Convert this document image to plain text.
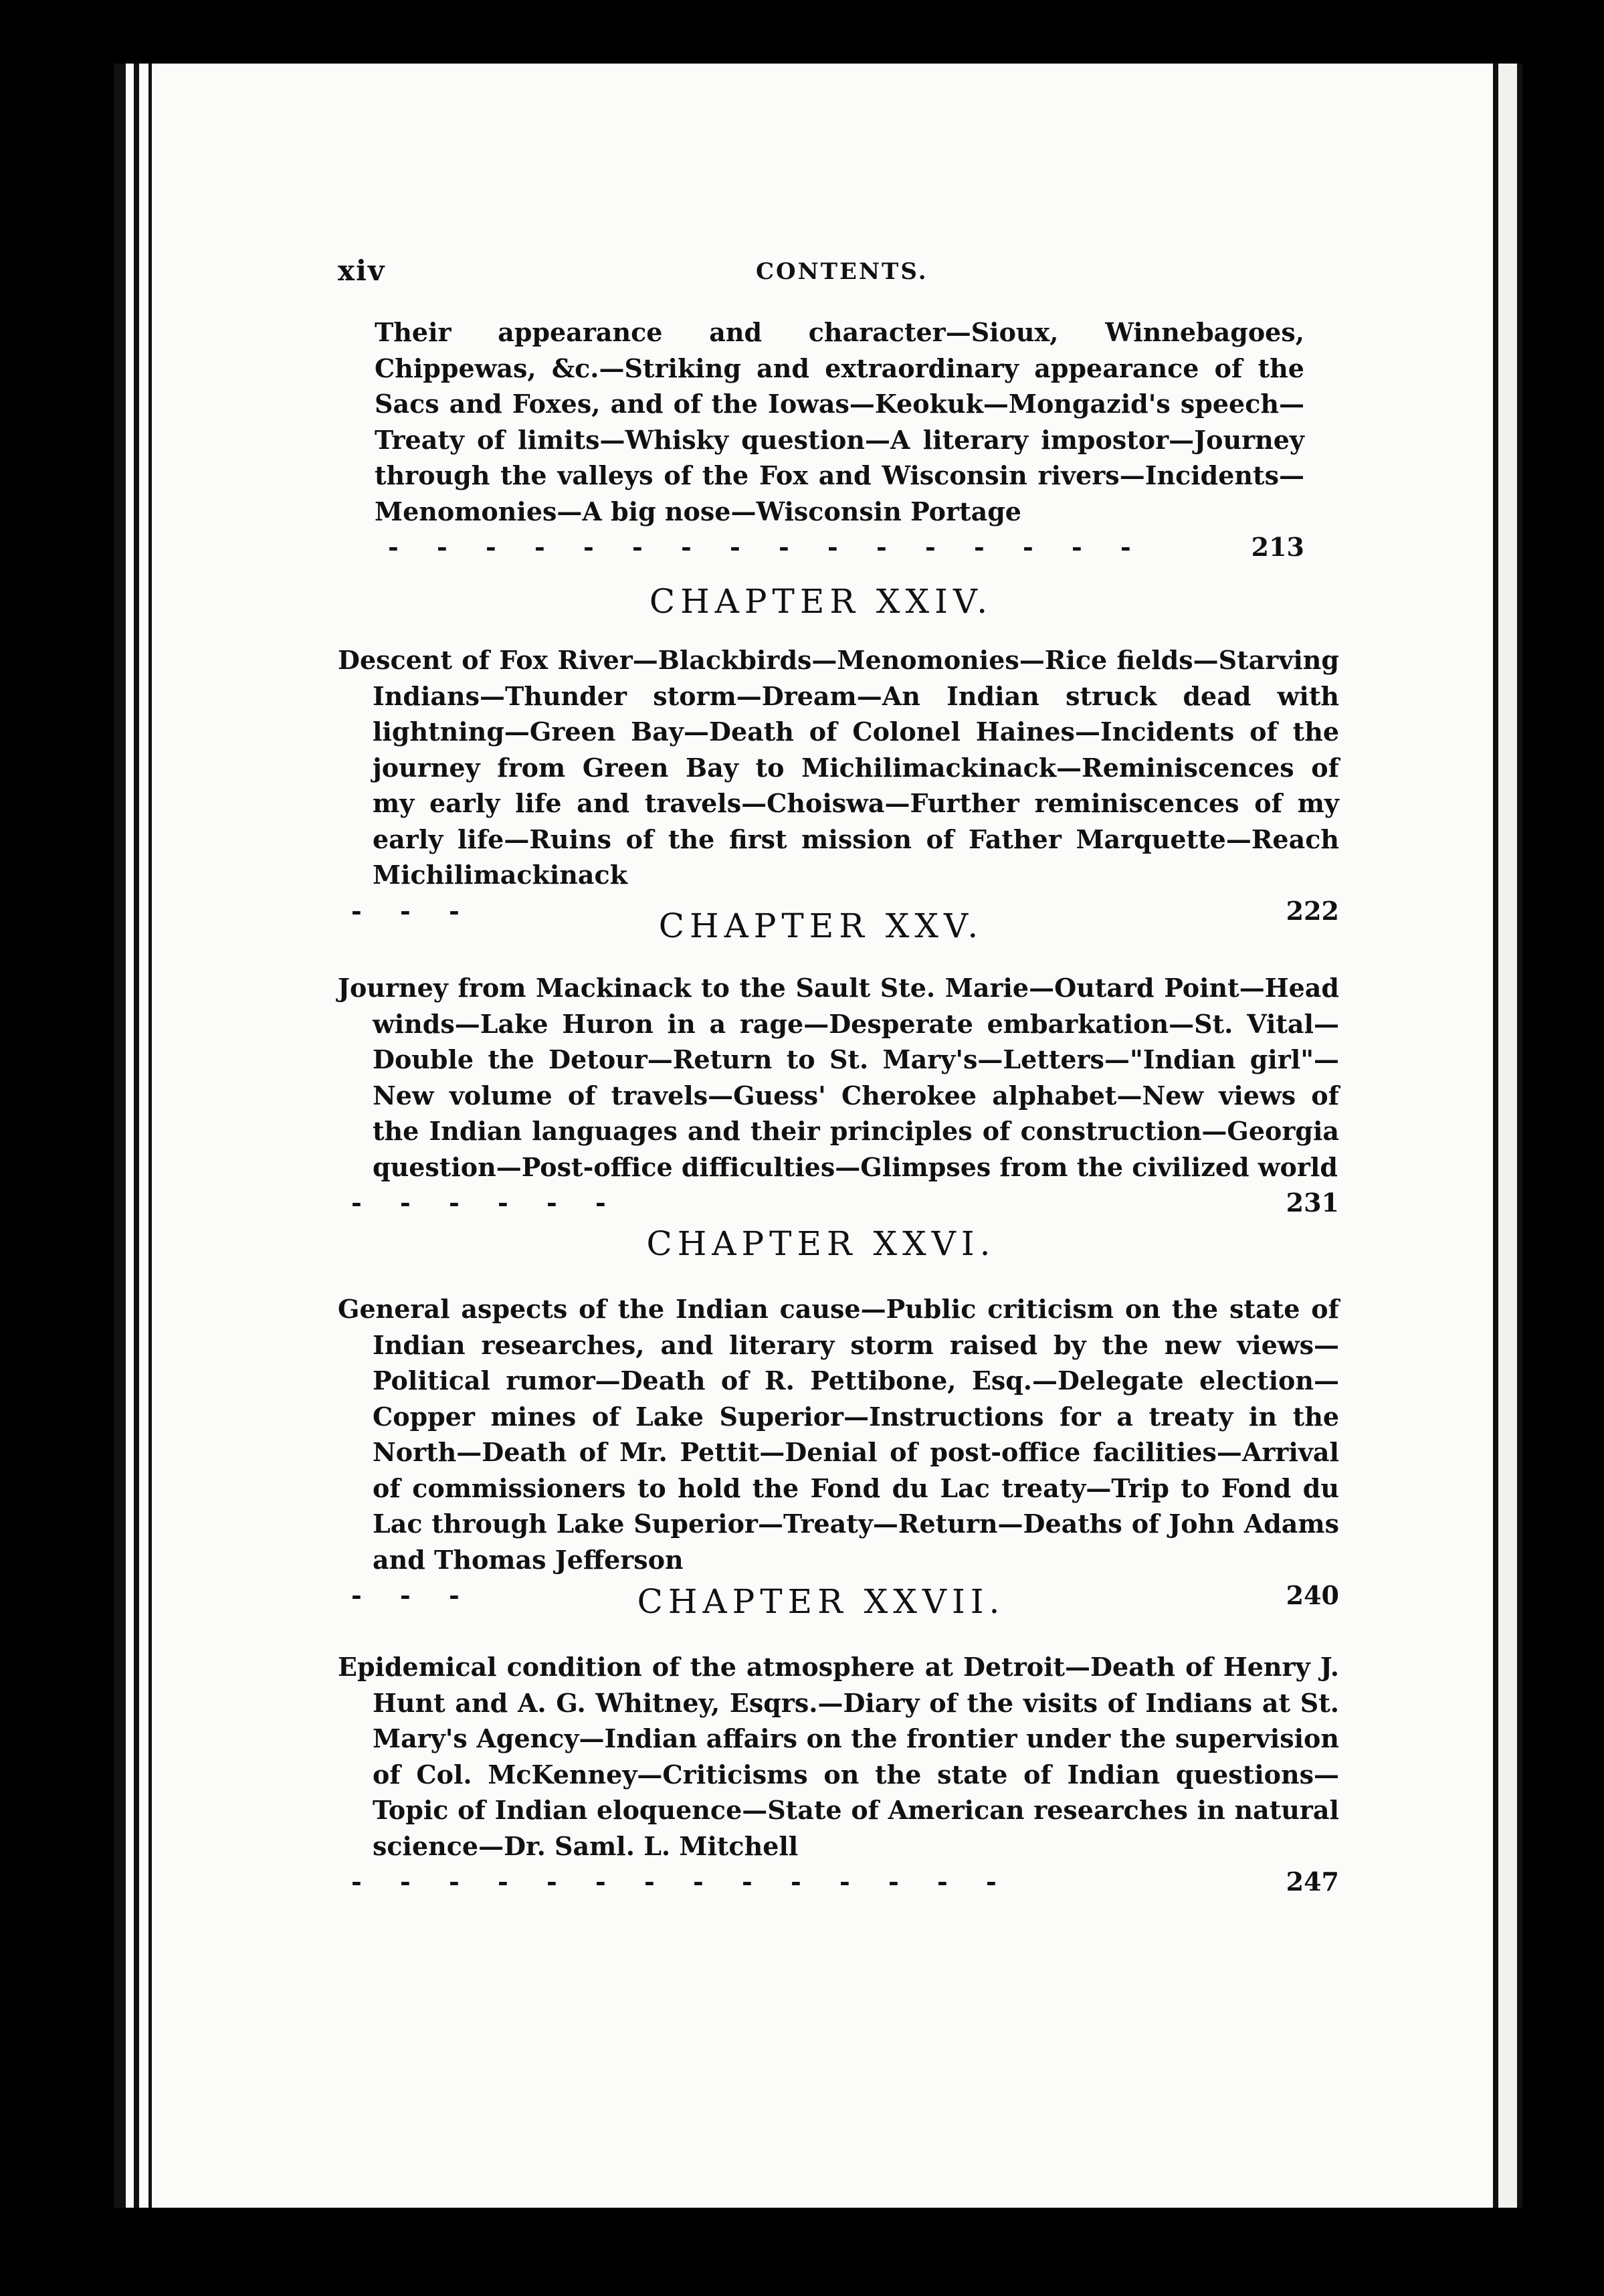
xiv	CONTENTS.
Their appearance and character—Sioux, Winnebagoes, Chippewas, &c.—Striking and extraordinary appearance of the Sacs and Foxes, and of the Iowas—Keokuk—Mongazid's speech—Treaty of limits—Whisky question—A literary impostor—Journey through the valleys of the Fox and Wisconsin rivers—Incidents—Menomonies—A big nose—Wisconsin Portage
- - - - - - - - - - - - - - - -	213
CHAPTER XXIV.
Descent of Fox River—Blackbirds—Menomonies—Rice fields—Starving Indians—Thunder storm—Dream—An Indian struck dead with lightning—Green Bay—Death of Colonel Haines—Incidents of the journey from Green Bay to Michilimackinack—Reminiscences of my early life and travels—Choiswa—Further reminiscences of my early life—Ruins of the first mission of Father Marquette—Reach Michilimackinack
- - -	222
CHAPTER XXV.
Journey from Mackinack to the Sault Ste. Marie—Outard Point—Head winds—Lake Huron in a rage—Desperate embarkation—St. Vital—Double the Detour—Return to St. Mary's—Letters—"Indian girl"—New volume of travels—Guess' Cherokee alphabet—New views of the Indian languages and their principles of construction—Georgia question—Post-office difficulties—Glimpses from the civilized world
- - - - - -	231
CHAPTER XXVI.
General aspects of the Indian cause—Public criticism on the state of Indian researches, and literary storm raised by the new views—Political rumor—Death of R. Pettibone, Esq.—Delegate election—Copper mines of Lake Superior—Instructions for a treaty in the North—Death of Mr. Pettit—Denial of post-office facilities—Arrival of commissioners to hold the Fond du Lac treaty—Trip to Fond du Lac through Lake Superior—Treaty—Return—Deaths of John Adams and Thomas Jefferson
- - -	240
CHAPTER XXVII.
Epidemical condition of the atmosphere at Detroit—Death of Henry J. Hunt and A. G. Whitney, Esqrs.—Diary of the visits of Indians at St. Mary's Agency—Indian affairs on the frontier under the supervision of Col. McKenney—Criticisms on the state of Indian questions—Topic of Indian eloquence—State of American researches in natural science—Dr. Saml. L. Mitchell
- - - - - - - - - - - - - -	247
